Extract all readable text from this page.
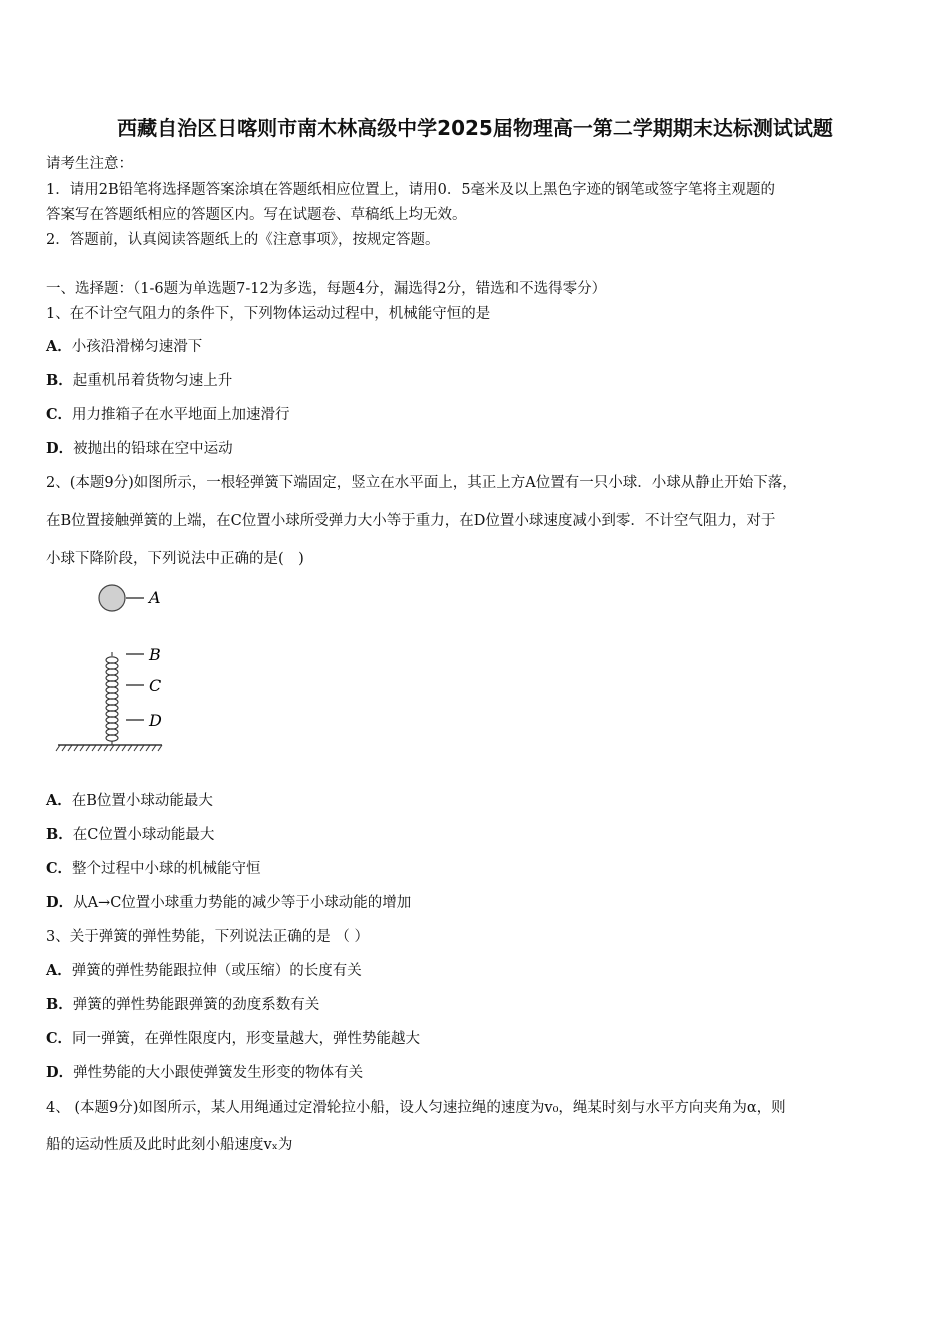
西藏自治区日喀则市南木林高级中学2025届物理高一第二学期期末达标测试试题
请考生注意：
1．请用2B铅笔将选择题答案涂填在答题纸相应位置上，请用0．5毫米及以上黑色字迹的钢笔或签字笔将主观题的
答案写在答题纸相应的答题区内。写在试题卷、草稿纸上均无效。
2．答题前，认真阅读答题纸上的《注意事项》，按规定答题。
一、选择题：（1-6题为单选题7-12为多选，每题4分，漏选得2分，错选和不选得零分）
1、在不计空气阻力的条件下，下列物体运动过程中，机械能守恒的是
A．小孩沿滑梯匀速滑下
B．起重机吊着货物匀速上升
C．用力推箱子在水平地面上加速滑行
D．被抛出的铅球在空中运动
2、(本题9分)如图所示，一根轻弹簧下端固定，竖立在水平面上，其正上方A位置有一只小球．小球从静止开始下落，
在B位置接触弹簧的上端，在C位置小球所受弹力大小等于重力，在D位置小球速度减小到零．不计空气阻力，对于
小球下降阶段，下列说法中正确的是(　)
A
B
C
D
A．在B位置小球动能最大
B．在C位置小球动能最大
C．整个过程中小球的机械能守恒
D．从A→C位置小球重力势能的减少等于小球动能的增加
3、关于弹簧的弹性势能，下列说法正确的是 （ ）
A．弹簧的弹性势能跟拉伸（或压缩）的长度有关
B．弹簧的弹性势能跟弹簧的劲度系数有关
C．同一弹簧，在弹性限度内，形变量越大，弹性势能越大
D．弹性势能的大小跟使弹簧发生形变的物体有关
4、 (本题9分)如图所示，某人用绳通过定滑轮拉小船，设人匀速拉绳的速度为v₀，绳某时刻与水平方向夹角为α，则
船的运动性质及此时此刻小船速度vₓ为
